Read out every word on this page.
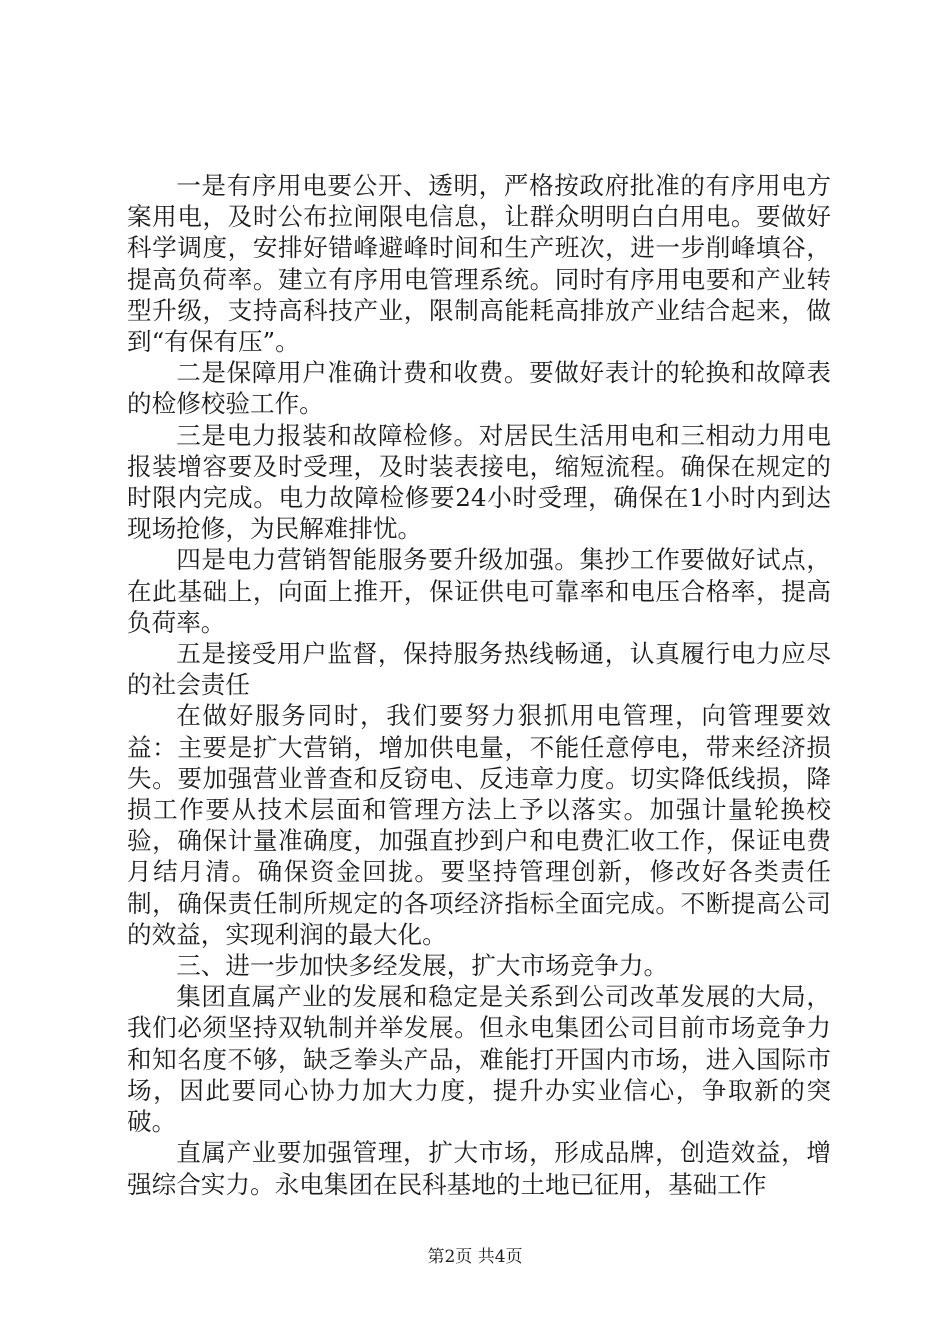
一是有序用电要公开、透明，严格按政府批准的有序用电方案用电，及时公布拉闸限电信息，让群众明明白白用电。要做好科学调度，安排好错峰避峰时间和生产班次，进一步削峰填谷，提高负荷率。建立有序用电管理系统。同时有序用电要和产业转型升级，支持高科技产业，限制高能耗高排放产业结合起来，做到“有保有压”。

二是保障用户准确计费和收费。要做好表计的轮换和故障表的检修校验工作。

三是电力报装和故障检修。对居民生活用电和三相动力用电报装增容要及时受理，及时装表接电，缩短流程。确保在规定的时限内完成。电力故障检修要24小时受理，确保在1小时内到达现场抢修，为民解难排忧。

四是电力营销智能服务要升级加强。集抄工作要做好试点，在此基础上，向面上推开，保证供电可靠率和电压合格率，提高负荷率。

五是接受用户监督，保持服务热线畅通，认真履行电力应尽的社会责任

在做好服务同时，我们要努力狠抓用电管理，向管理要效益：主要是扩大营销，增加供电量，不能任意停电，带来经济损失。要加强营业普查和反窃电、反违章力度。切实降低线损，降损工作要从技术层面和管理方法上予以落实。加强计量轮换校验，确保计量准确度，加强直抄到户和电费汇收工作，保证电费月结月清。确保资金回拢。要坚持管理创新，修改好各类责任制，确保责任制所规定的各项经济指标全面完成。不断提高公司的效益，实现利润的最大化。

三、进一步加快多经发展，扩大市场竞争力。

集团直属产业的发展和稳定是关系到公司改革发展的大局，我们必须坚持双轨制并举发展。但永电集团公司目前市场竞争力和知名度不够，缺乏拳头产品，难能打开国内市场，进入国际市场，因此要同心协力加大力度，提升办实业信心，争取新的突破。

直属产业要加强管理，扩大市场，形成品牌，创造效益，增强综合实力。永电集团在民科基地的土地已征用，基础工作

第2页 共4页
